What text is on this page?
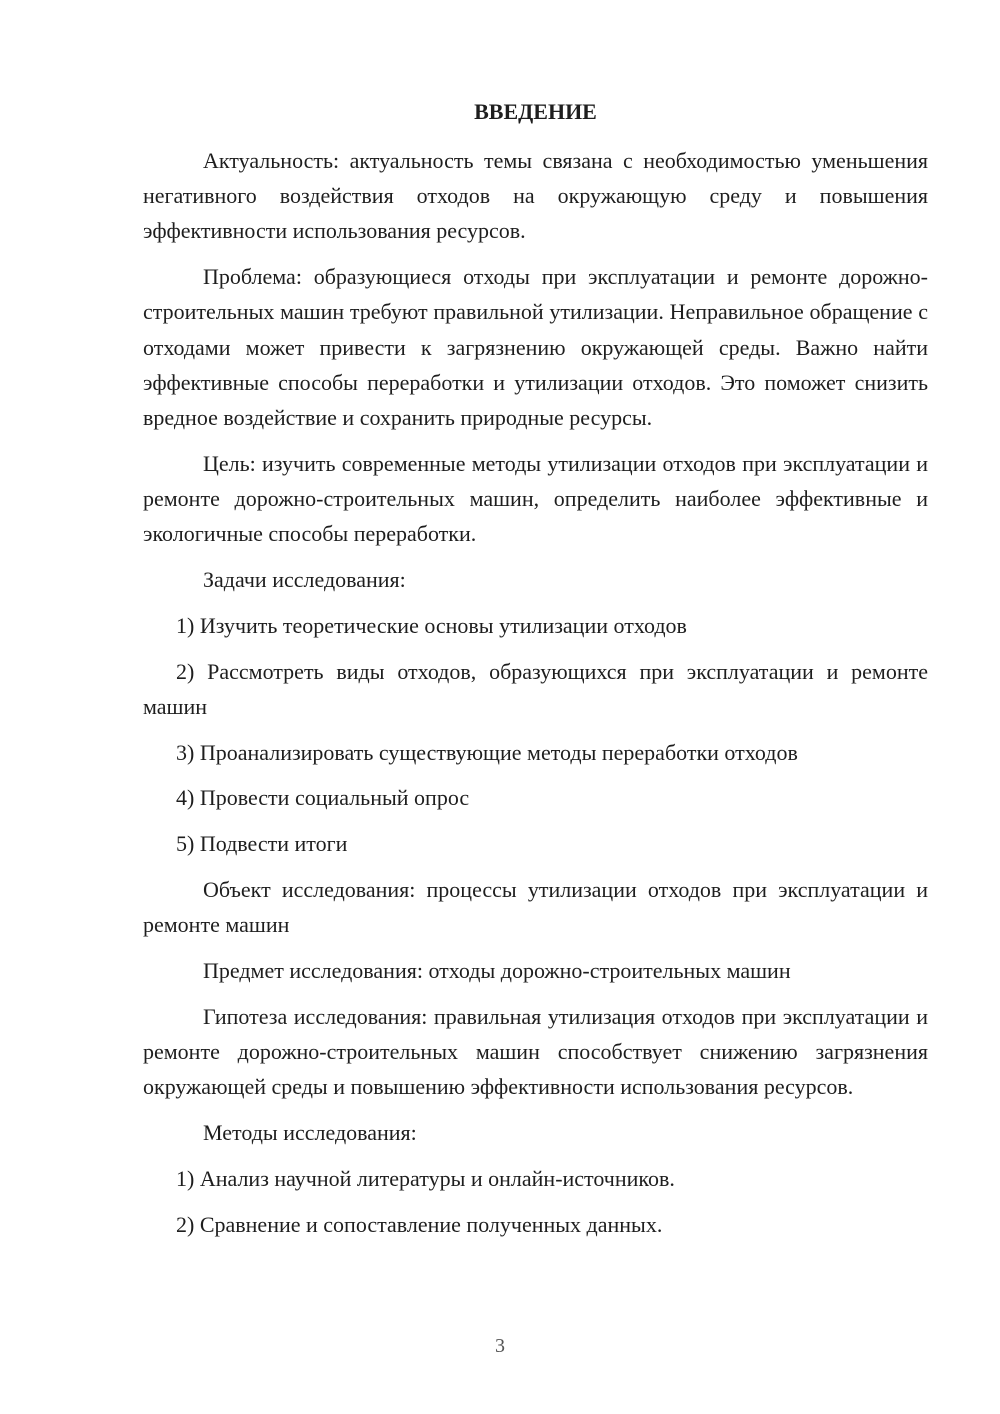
ВВЕДЕНИЕ

Актуальность: актуальность темы связана с необходимостью уменьшения негативного воздействия отходов на окружающую среду и повышения эффективности использования ресурсов.

Проблема: образующиеся отходы при эксплуатации и ремонте дорожно-строительных машин требуют правильной утилизации. Неправильное обращение с отходами может привести к загрязнению окружающей среды. Важно найти эффективные способы переработки и утилизации отходов. Это поможет снизить вредное воздействие и сохранить природные ресурсы.

Цель: изучить современные методы утилизации отходов при эксплуатации и ремонте дорожно-строительных машин, определить наиболее эффективные и экологичные способы переработки.

Задачи исследования:

1) Изучить теоретические основы утилизации отходов

2) Рассмотреть виды отходов, образующихся при эксплуатации и ремонте машин

3) Проанализировать существующие методы переработки отходов

4) Провести социальный опрос

5) Подвести итоги

Объект исследования: процессы утилизации отходов при эксплуатации и ремонте машин

Предмет исследования: отходы дорожно-строительных машин

Гипотеза исследования: правильная утилизация отходов при эксплуатации и ремонте дорожно-строительных машин способствует снижению загрязнения окружающей среды и повышению эффективности использования ресурсов.

Методы исследования:

1) Анализ научной литературы и онлайн-источников.

2) Сравнение и сопоставление полученных данных.

3
